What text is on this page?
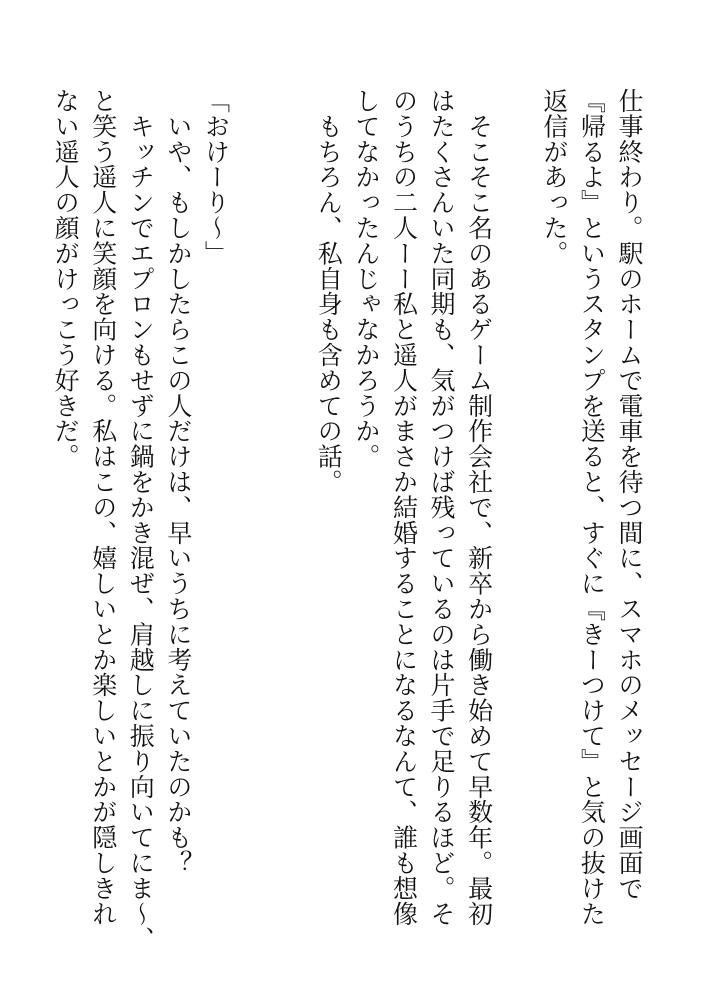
仕事終わり。駅のホームで電車を待つ間に、スマホのメッセージ画面で
『帰るよ』というスタンプを送ると、すぐに『きーつけて』と気の抜けた
返信があった。
　そこそこ名のあるゲーム制作会社で、新卒から働き始めて早数年。最初
はたくさんいた同期も、気がつけば残っているのは片手で足りるほど。そ
のうちの二人ーー私と遥人がまさか結婚することになるなんて、誰も想像
してなかったんじゃなかろうか。
　もちろん、私自身も含めての話。
「おけーり〜」
　いや、もしかしたらこの人だけは、早いうちに考えていたのかも？
　キッチンでエプロンもせずに鍋をかき混ぜ、肩越しに振り向いてにま〜、
と笑う遥人に笑顔を向ける。私はこの、嬉しいとか楽しいとかが隠しきれ
ない遥人の顔がけっこう好きだ。
